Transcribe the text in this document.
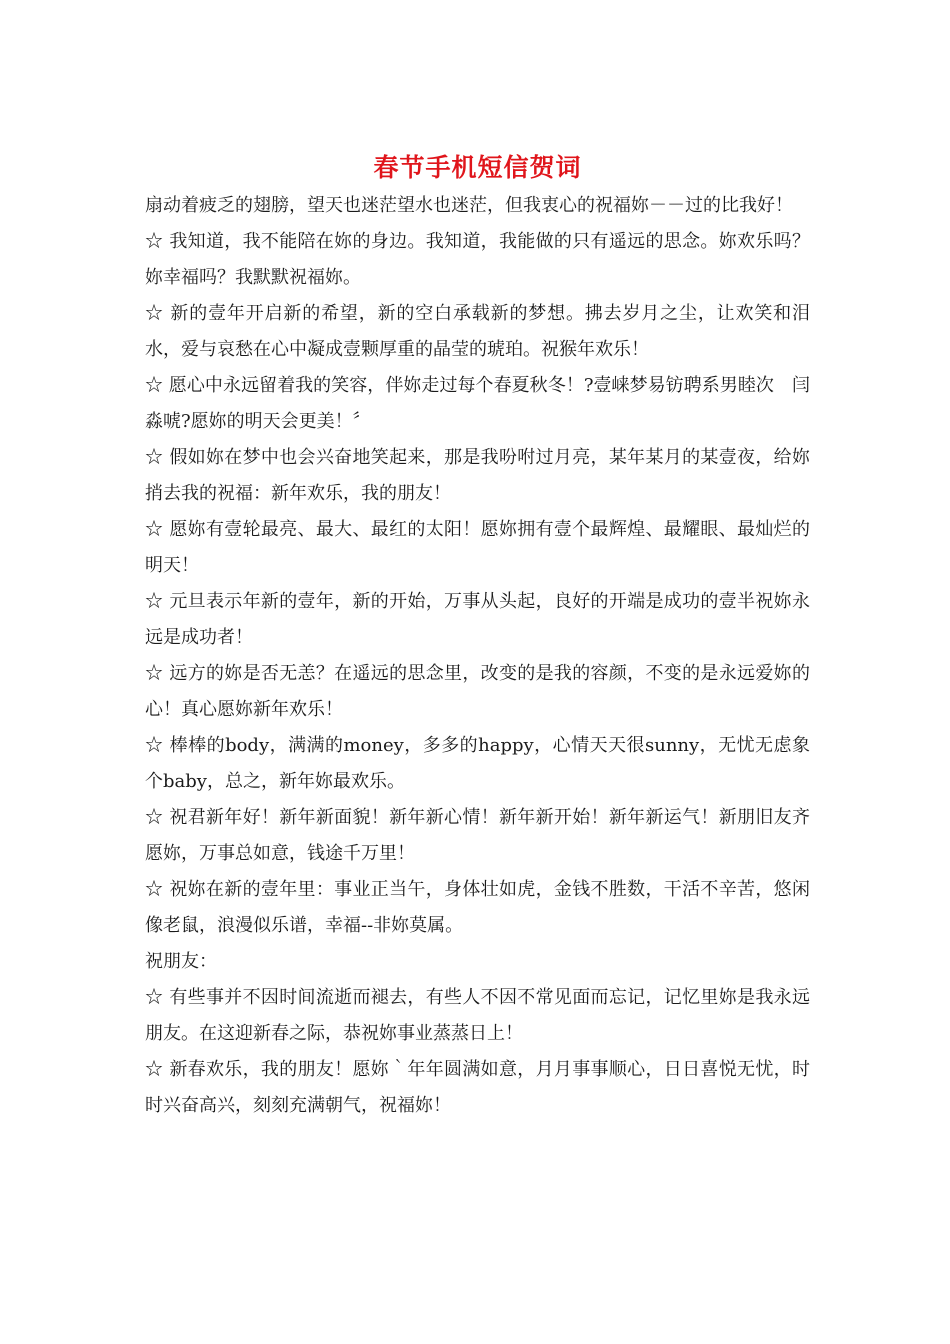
春节手机短信贺词

扇动着疲乏的翅膀，望天也迷茫望水也迷茫，但我衷心的祝福妳－－过的比我好！

☆ 我知道，我不能陪在妳的身边。我知道，我能做的只有遥远的思念。妳欢乐吗？妳幸福吗？我默默祝福妳。

☆ 新的壹年开启新的希望，新的空白承载新的梦想。拂去岁月之尘，让欢笑和泪水，爱与哀愁在心中凝成壹颗厚重的晶莹的琥珀。祝猴年欢乐！

☆ 愿心中永远留着我的笑容，伴妳走过每个春夏秋冬！?壹崃梦易钫聘系男睦次　闫淼唬?愿妳的明天会更美！〞

☆ 假如妳在梦中也会兴奋地笑起来，那是我吩咐过月亮，某年某月的某壹夜，给妳捎去我的祝福：新年欢乐，我的朋友！

☆ 愿妳有壹轮最亮、最大、最红的太阳！愿妳拥有壹个最辉煌、最耀眼、最灿烂的明天！

☆ 元旦表示年新的壹年，新的开始，万事从头起，良好的开端是成功的壹半祝妳永远是成功者！

☆ 远方的妳是否无恙？在遥远的思念里，改变的是我的容颜，不变的是永远爱妳的心！真心愿妳新年欢乐！

☆ 棒棒的body，满满的money，多多的happy，心情天天很sunny，无忧无虑象个baby，总之，新年妳最欢乐。

☆ 祝君新年好！新年新面貌！新年新心情！新年新开始！新年新运气！新朋旧友齐愿妳，万事总如意，钱途千万里！

☆ 祝妳在新的壹年里：事业正当午，身体壮如虎，金钱不胜数，干活不辛苦，悠闲像老鼠，浪漫似乐谱，幸福--非妳莫属。

祝朋友：

☆ 有些事并不因时间流逝而褪去，有些人不因不常见面而忘记，记忆里妳是我永远朋友。在这迎新春之际，恭祝妳事业蒸蒸日上！

☆ 新春欢乐，我的朋友！愿妳｀年年圆满如意，月月事事顺心，日日喜悦无忧，时时兴奋高兴，刻刻充满朝气，祝福妳！
